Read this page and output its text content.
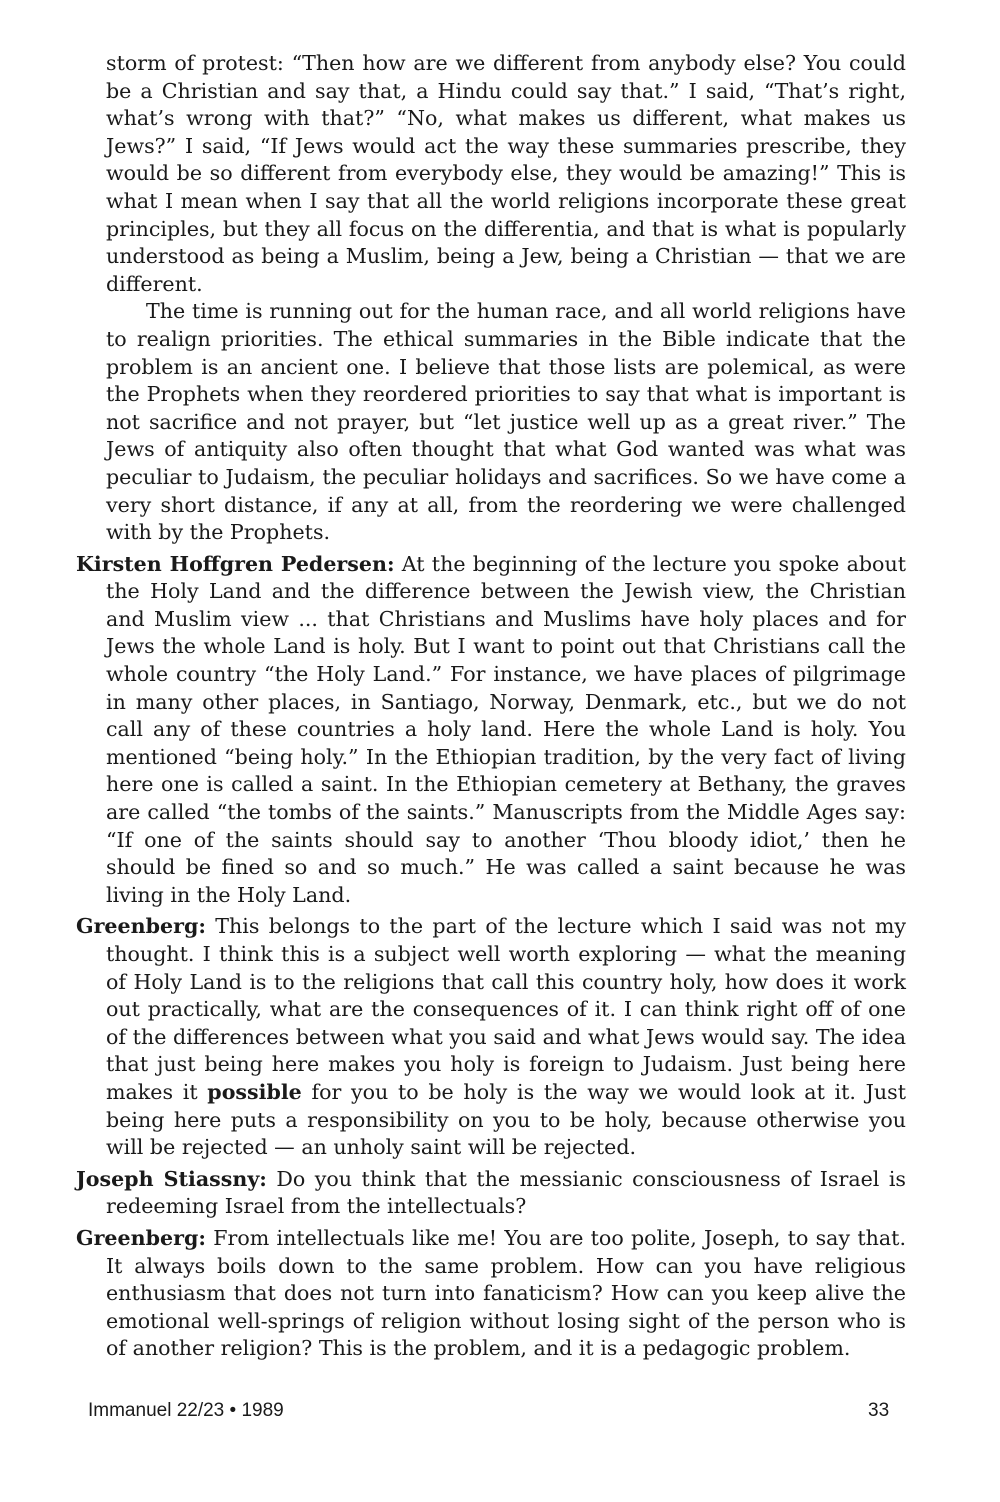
storm of protest: “Then how are we different from anybody else? You could be a Christian and say that, a Hindu could say that.” I said, “That’s right, what’s wrong with that?” “No, what makes us different, what makes us Jews?” I said, “If Jews would act the way these summaries prescribe, they would be so different from everybody else, they would be amazing!” This is what I mean when I say that all the world religions incorporate these great principles, but they all focus on the differentia, and that is what is popularly understood as being a Muslim, being a Jew, being a Christian — that we are different.

The time is running out for the human race, and all world religions have to realign priorities. The ethical summaries in the Bible indicate that the problem is an ancient one. I believe that those lists are polemical, as were the Prophets when they reordered priorities to say that what is important is not sacrifice and not prayer, but “let justice well up as a great river.” The Jews of antiquity also often thought that what God wanted was what was peculiar to Judaism, the peculiar holidays and sacrifices. So we have come a very short distance, if any at all, from the reordering we were challenged with by the Prophets.

Kirsten Hoffgren Pedersen: At the beginning of the lecture you spoke about the Holy Land and the difference between the Jewish view, the Christian and Muslim view ... that Christians and Muslims have holy places and for Jews the whole Land is holy. But I want to point out that Christians call the whole country “the Holy Land.” For instance, we have places of pilgrimage in many other places, in Santiago, Norway, Denmark, etc., but we do not call any of these countries a holy land. Here the whole Land is holy. You mentioned “being holy.” In the Ethiopian tradition, by the very fact of living here one is called a saint. In the Ethiopian cemetery at Bethany, the graves are called “the tombs of the saints.” Manuscripts from the Middle Ages say: “If one of the saints should say to another ‘Thou bloody idiot,’ then he should be fined so and so much.” He was called a saint because he was living in the Holy Land.

Greenberg: This belongs to the part of the lecture which I said was not my thought. I think this is a subject well worth exploring — what the meaning of Holy Land is to the religions that call this country holy, how does it work out practically, what are the consequences of it. I can think right off of one of the differences between what you said and what Jews would say. The idea that just being here makes you holy is foreign to Judaism. Just being here makes it possible for you to be holy is the way we would look at it. Just being here puts a responsibility on you to be holy, because otherwise you will be rejected — an unholy saint will be rejected.

Joseph Stiassny: Do you think that the messianic consciousness of Israel is redeeming Israel from the intellectuals?

Greenberg: From intellectuals like me! You are too polite, Joseph, to say that. It always boils down to the same problem. How can you have religious enthusiasm that does not turn into fanaticism? How can you keep alive the emotional well-springs of religion without losing sight of the person who is of another religion? This is the problem, and it is a pedagogic problem.

Immanuel 22/23 • 1989	33
